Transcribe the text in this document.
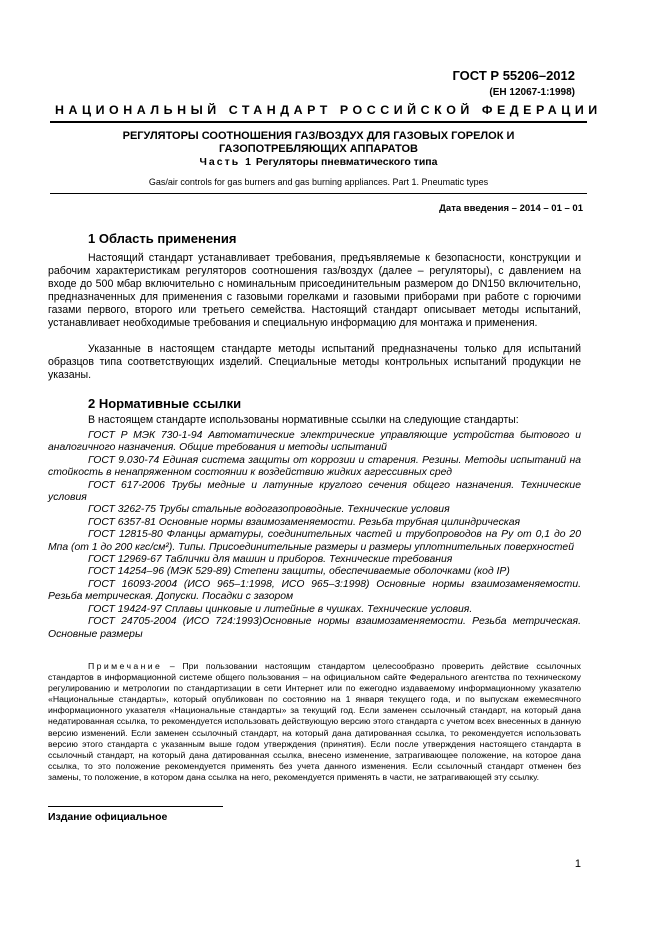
ГОСТ Р 55206–2012
(ЕН 12067-1:1998)
НАЦИОНАЛЬНЫЙ СТАНДАРТ РОССИЙСКОЙ ФЕДЕРАЦИИ
РЕГУЛЯТОРЫ СООТНОШЕНИЯ ГАЗ/ВОЗДУХ ДЛЯ ГАЗОВЫХ ГОРЕЛОК И
ГАЗОПОТРЕБЛЯЮЩИХ АППАРАТОВ
Часть 1 Регуляторы пневматического типа
Gas/air controls for gas burners and gas burning appliances. Part 1. Pneumatic types
Дата введения – 2014 – 01 – 01
1 Область применения

Настоящий стандарт устанавливает требования, предъявляемые к безопасности, конструкции и рабочим характеристикам регуляторов соотношения газ/воздух (далее – регуляторы), с давлением на входе до 500 мбар включительно с номинальным присоединительным размером до DN150 включительно, предназначенных для применения с газовыми горелками и газовыми приборами при работе с горючими газами первого, второго или третьего семейства. Настоящий стандарт описывает методы испытаний, устанавливает необходимые требования и специальную информацию для монтажа и применения.

Указанные в настоящем стандарте методы испытаний предназначены только для испытаний образцов типа соответствующих изделий. Специальные методы контрольных испытаний продукции не указаны.

2 Нормативные ссылки

В настоящем стандарте использованы нормативные ссылки на следующие стандарты:

ГОСТ Р МЭК 730-1-94 Автоматические электрические управляющие устройства бытового и аналогичного назначения. Общие требования и методы испытаний
ГОСТ 9.030-74 Единая система защиты от коррозии и старения. Резины. Методы испытаний на стойкость в ненапряженном состоянии к воздействию жидких агрессивных сред
ГОСТ 617-2006 Трубы медные и латунные круглого сечения общего назначения. Технические условия
ГОСТ 3262-75 Трубы стальные водогазопроводные. Технические условия
ГОСТ 6357-81 Основные нормы взаимозаменяемости. Резьба трубная цилиндрическая
ГОСТ 12815-80 Фланцы арматуры, соединительных частей и трубопроводов на Pу от 0,1 до 20 Мпа (от 1 до 200 кгс/см²). Типы. Присоединительные размеры и размеры уплотнительных поверхностей
ГОСТ 12969-67 Таблички для машин и приборов. Технические требования
ГОСТ 14254–96 (МЭК 529-89) Степени защиты, обеспечиваемые оболочками (код IP)
ГОСТ 16093-2004 (ИСО 965–1:1998, ИСО 965–3:1998) Основные нормы взаимозаменяемости. Резьба метрическая. Допуски. Посадки с зазором
ГОСТ 19424-97 Сплавы цинковые и литейные в чушках. Технические условия.
ГОСТ 24705-2004 (ИСО 724:1993)Основные нормы взаимозаменяемости. Резьба метрическая. Основные размеры

Примечание – При пользовании настоящим стандартом целесообразно проверить действие ссылочных стандартов в информационной системе общего пользования – на официальном сайте Федерального агентства по техническому регулированию и метрологии по стандартизации в сети Интернет или по ежегодно издаваемому информационному указателю «Национальные стандарты», который опубликован по состоянию на 1 января текущего года, и по выпускам ежемесячного информационного указателя «Национальные стандарты» за текущий год. Если заменен ссылочный стандарт, на который дана недатированная ссылка, то рекомендуется использовать действующую версию этого стандарта с учетом всех внесенных в данную версию изменений. Если заменен ссылочный стандарт, на который дана датированная ссылка, то рекомендуется использовать версию этого стандарта с указанным выше годом утверждения (принятия). Если после утверждения настоящего стандарта в ссылочный стандарт, на который дана датированная ссылка, внесено изменение, затрагивающее положение, на которое дана ссылка, то это положение рекомендуется применять без учета данного изменения. Если ссылочный стандарт отменен без замены, то положение, в котором дана ссылка на него, рекомендуется применять в части, не затрагивающей эту ссылку.

Издание официальное
1
